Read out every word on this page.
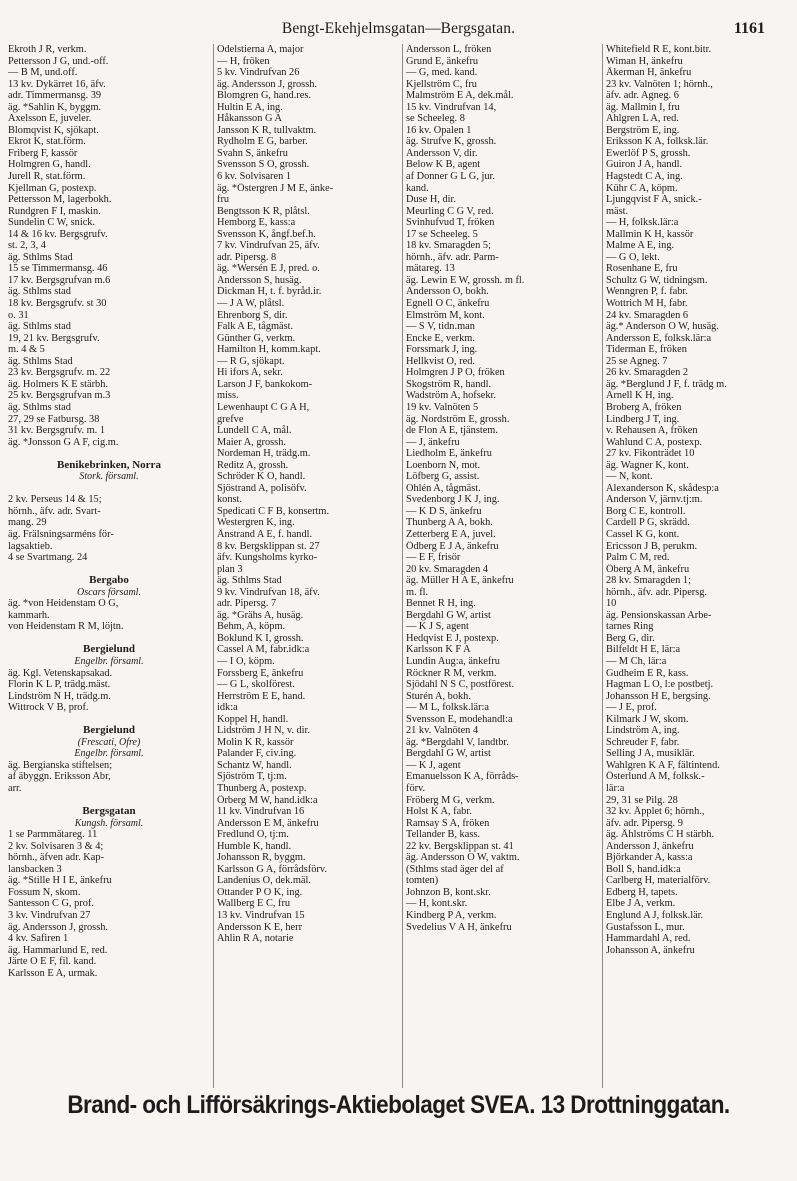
Bengt-Ekehjelmsgatan—Bergsgatan.	1161
Ekroth J R, verkm.
Pettersson J G, und.-off.
— B M, und.off.
13 kv. Dykärret 16, äfv.
adr. Timmermansg. 39
äg. *Sahlin K, byggm.
Axelsson E, juveler.
Blomqvist K, sjökapt.
Ekrot K, stat.förm.
Friberg F, kassör
Holmgren G, handl.
Jurell R, stat.förm.
Kjellman G, postexp.
Pettersson M, lagerbokh.
Rundgren F I, maskin.
Sundelin C W, snick.
14 & 16 kv. Bergsgrufv.
st. 2, 3, 4
äg. Sthlms Stad
15 se Timmermansg. 46
17 kv. Bergsgrufvan m.6
äg. Sthlms stad
18 kv. Bergsgrufv. st 30
o. 31
äg. Sthlms stad
19, 21 kv. Bergsgrufv.
m. 4 & 5
äg. Sthlms Stad
23 kv. Bergsgrufv. m. 22
äg. Holmers K E stärbh.
25 kv. Bergsgrufvan m.3
äg. Sthlms stad
27, 29 se Fatbursg. 38
31 kv. Bergsgrufv. m. 1
äg. *Jonsson G A F, cig.m.

Benikebrinken, Norra
Stork. församl.

2 kv. Perseus 14 & 15;
hörnh., äfv. adr. Svart-
mang. 29
äg. Frälsningsarméns för-
lagsaktieb.
4 se Svartmang. 24

Bergabo
Oscars församl.
äg. *von Heidenstam O G,
kammarh.
von Heidenstam R M, löjtn.

Bergielund
Engelbr. församl.
äg. Kgl. Vetenskapsakad.
Florin K L P, trädg.mäst.
Lindström N H, trädg.m.
Wittrock V B, prof.

Bergielund
(Frescati, Öfre)
Engelbr. församl.
äg. Bergianska stiftelsen;
af äbyggn. Eriksson Abr,
arr.

Bergsgatan
Kungsh. församl.
1 se Parmmätareg. 11
2 kv. Solvisaren 3 & 4;
hörnh., äfven adr. Kap-
lansbacken 3
äg. *Stille H I E, änkefru
Fossum N, skom.
Santesson C G, prof.
3 kv. Vindrufvan 27
äg. Andersson J, grossh.
4 kv. Safiren 1
äg. Hammarlund E, red.
Järte O E F, fil. kand.
Karlsson E A, urmak.
Odelstierna A, major
— H, fröken
5 kv. Vindrufvan 26
äg. Andersson J, grossh.
Blomgren G, hand.res.
Hultin E A, ing.
Håkansson G A
Jansson K R, tullvaktm.
Rydholm E G, barber.
Svahn S, änkefru
Svensson S O, grossh.
6 kv. Solvisaren 1
äg. *Östergren J M E, änke-
fru
Bengtsson K R, plåtsl.
Hemborg E, kass:a
Svensson K, ångf.bef.h.
7 kv. Vindrufvan 25, äfv.
adr. Pipersg. 8
äg. *Wersén E J, pred. o.
Andersson S, husäg.
Dickman H, t. f. byråd.ir.
— J A W, plåtsl.
Ehrenborg S, dir.
Falk A E, tågmäst.
Günther G, verkm.
Hamilton H, komm.kapt.
— R G, sjökapt.
Hi ifors A, sekr.
Larson J F, bankokom-
miss.
Lewenhaupt C G A H,
grefve
Lundell C A, mål.
Maier A, grossh.
Nordeman H, trädg.m.
Reditz A, grossh.
Schröder K O, handl.
Sjöstrand A, polisöfv.
konst.
Spedicati C F B, konsertm.
Westergren K, ing.
Ånstrand A E, f. handl.
8 kv. Bergsklippan st. 27
äfv. Kungsholms kyrko-
plan 3
äg. Sthlms Stad
9 kv. Vindrufvan 18, äfv.
adr. Pipersg. 7
äg. *Grähs A, husäg.
Behm, A, köpm.
Boklund K I, grossh.
Cassel A M, fabr.idk:a
— I O, köpm.
Forssberg E, änkefru
— G L, skolförest.
Herrström E E, hand.
idk:a
Koppel H, handl.
Lidström J H N, v. dir.
Molin K R, kassör
Palander F, civ.ing.
Schantz W, handl.
Sjöström T, tj:m.
Thunberg A, postexp.
Örberg M W, hand.idk:a
11 kv. Vindrufvan 16
Andersson E M, änkefru
Fredlund O, tj:m.
Humble K, handl.
Johansson R, byggm.
Karlsson G A, förrådsförv.
Landenius O, dek.mäl.
Ottander P O K, ing.
Wallberg E C, fru
13 kv. Vindrufvan 15
Andersson K E, herr
Ahlin R A, notarie
Andersson L, fröken
Grund E, änkefru
— G, med. kand.
Kjellström C, fru
Malmström E A, dek.mål.
15 kv. Vindrufvan 14,
se Scheeleg. 8
16 kv. Opalen 1
äg. Strufve K, grossh.
Andersson V, dir.
Below K B, agent
af Donner G L G, jur.
kand.
Duse H, dir.
Meurling C G V, red.
Svinhufvud T, fröken
17 se Scheeleg. 5
18 kv. Smaragden 5;
hörnh., äfv. adr. Parm-
mätareg. 13
äg. Lewin E W, grossh. m fl.
Andersson O, bokh.
Egnell O C, änkefru
Elmström M, kont.
— S V, tidn.man
Encke E, verkm.
Forssmark J, ing.
Hellkvist O, red.
Holmgren J P O, fröken
Skogström R, handl.
Wadström A, hofsekr.
19 kv. Valnöten 5
äg. Nordström E, grossh.
de Flon A E, tjänstem.
— J, änkefru
Liedholm E, änkefru
Loenborn N, mot.
Löfberg G, assist.
Ohlén A, tågmäst.
Svedenborg J K J, ing.
— K D S, änkefru
Thunberg A A, bokh.
Zetterberg E A, juvel.
Ödberg E J A, änkefru
— E F, frisör
20 kv. Smaragden 4
äg. Müller H A E, änkefru
m. fl.
Bennet R H, ing.
Bergdahl G W, artist
— K J S, agent
Hedqvist E J, postexp.
Karlsson K F A
Lundin Aug:a, änkefru
Röckner R M, verkm.
Sjödahl N S C, postförest.
Sturén A, bokh.
— M L, folksk.lär:a
Svensson E, modehandl:a
21 kv. Valnöten 4
äg. *Bergdahl V, landtbr.
Bergdahl G W, artist
— K J, agent
Emanuelsson K A, förråds-
förv.
Fröberg M G, verkm.
Holst K A, fabr.
Ramsay S A, fröken
Tellander B, kass.
22 kv. Bergsklippan st. 41
äg. Andersson O W, vaktm.
(Sthlms stad äger del af
tomten)
Johnzon B, kont.skr.
— H, kont.skr.
Kindberg P A, verkm.
Svedelius V A H, änkefru
Whitefield R E, kont.bitr.
Wiman H, änkefru
Åkerman H, änkefru
23 kv. Valnöten 1; hörnh.,
äfv. adr. Agneg. 6
äg. Mallmin I, fru
Ahlgren L A, red.
Bergström E, ing.
Eriksson K A, folksk.lär.
Ewerlöf P S, grossh.
Guiron J A, handl.
Hagstedt C A, ing.
Kühr C A, köpm.
Ljungqvist F A, snick.-
mäst.
— H, folksk.lär:a
Mallmin K H, kassör
Malme A E, ing.
— G O, lekt.
Rosenhane E, fru
Schultz G W, tidningsm.
Wenngren P, f. fabr.
Wottrich M H, fabr.
24 kv. Smaragden 6
äg.* Anderson O W, husäg.
Andersson E, folksk.lär:a
Tiderman E, fröken
25 se Agneg. 7
26 kv. Smaragden 2
äg. *Berglund J F, f. trädg m.
Arnell K H, ing.
Broberg A, fröken
Lindberg J T, ing.
v. Rehausen A, fröken
Wahlund C A, postexp.
27 kv. Fikonträdet 10
äg. Wagner K, kont.
— N, kont.
Alexanderson K, skådesp:a
Anderson V, järnv.tj:m.
Borg C E, kontroll.
Cardell P G, skrädd.
Cassel K G, kont.
Ericsson J B, perukm.
Palm C M, red.
Öberg A M, änkefru
28 kv. Smaragden 1;
hörnh., äfv. adr. Pipersg.
10
äg. Pensionskassan Arbe-
tarnes Ring
Berg G, dir.
Bilfeldt H E, lär:a
— M Ch, lär:a
Gudheim E R, kass.
Hagman L O, l:e postbetj.
Johansson H E, bergsing.
— J E, prof.
Kilmark J W, skom.
Lindström A, ing.
Schreuder F, fabr.
Selling J A, musiklär.
Wahlgren K A F, fältintend.
Österlund A M, folksk.-
lär:a
29, 31 se Pilg. 28
32 kv. Äpplet 6; hörnh.,
äfv. adr. Pipersg. 9
äg. Åhlströms C H stärbh.
Andersson J, änkefru
Björkander A, kass:a
Boll S, hand.idk:a
Carlberg H, materialförv.
Edberg H, tapets.
Elbe J A, verkm.
Englund A J, folksk.lär.
Gustafsson L, mur.
Hammardahl A, red.
Johansson A, änkefru
Brand- och Lifförsäkrings-Aktiebolaget SVEA. 13 Drottninggatan.
